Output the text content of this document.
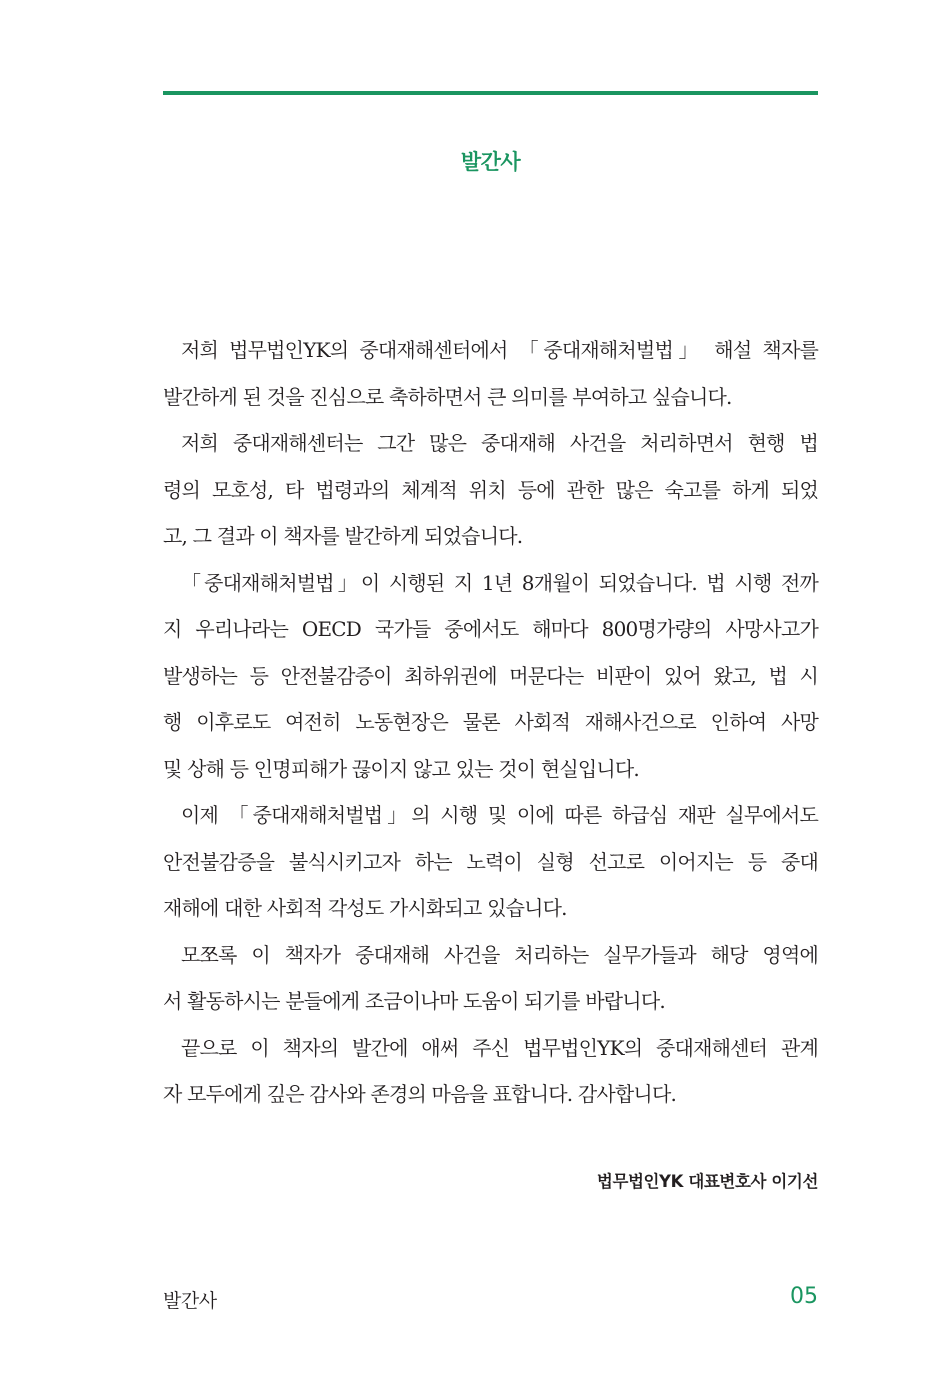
발간사
저희 법무법인YK의 중대재해센터에서 「중대재해처벌법」 해설 책자를
발간하게 된 것을 진심으로 축하하면서 큰 의미를 부여하고 싶습니다.
저희 중대재해센터는 그간 많은 중대재해 사건을 처리하면서 현행 법
령의 모호성, 타 법령과의 체계적 위치 등에 관한 많은 숙고를 하게 되었
고, 그 결과 이 책자를 발간하게 되었습니다.
「중대재해처벌법」이 시행된 지 1년 8개월이 되었습니다. 법 시행 전까
지 우리나라는 OECD 국가들 중에서도 해마다 800명가량의 사망사고가
발생하는 등 안전불감증이 최하위권에 머문다는 비판이 있어 왔고, 법 시
행 이후로도 여전히 노동현장은 물론 사회적 재해사건으로 인하여 사망
및 상해 등 인명피해가 끊이지 않고 있는 것이 현실입니다.
이제 「중대재해처벌법」의 시행 및 이에 따른 하급심 재판 실무에서도
안전불감증을 불식시키고자 하는 노력이 실형 선고로 이어지는 등 중대
재해에 대한 사회적 각성도 가시화되고 있습니다.
모쪼록 이 책자가 중대재해 사건을 처리하는 실무가들과 해당 영역에
서 활동하시는 분들에게 조금이나마 도움이 되기를 바랍니다.
끝으로 이 책자의 발간에 애써 주신 법무법인YK의 중대재해센터 관계
자 모두에게 깊은 감사와 존경의 마음을 표합니다. 감사합니다.
법무법인YK 대표변호사 이기선
발간사	05
